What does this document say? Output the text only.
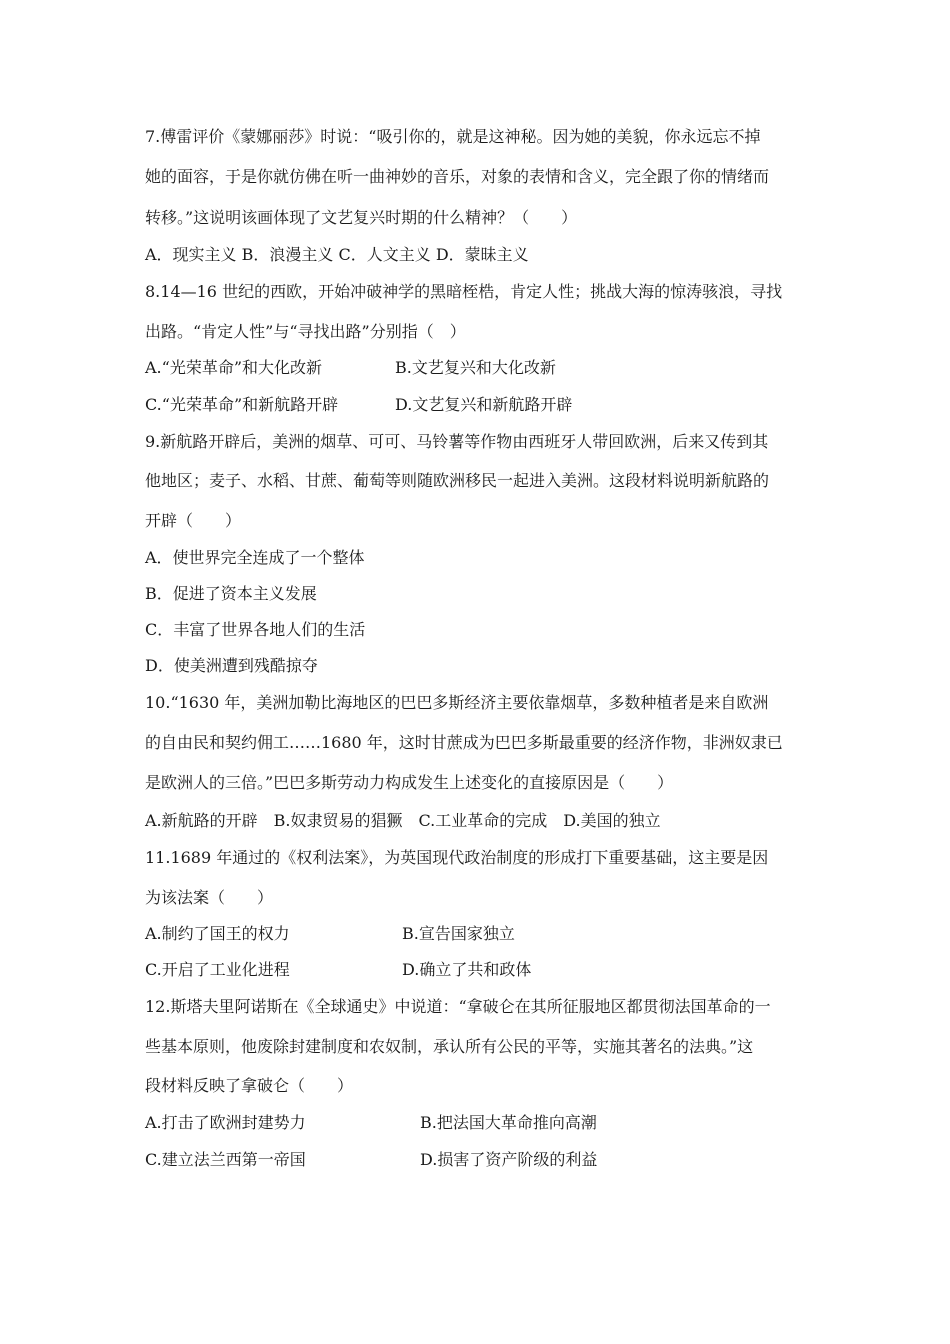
7.傅雷评价《蒙娜丽莎》时说：“吸引你的，就是这神秘。因为她的美貌，你永远忘不掉
她的面容，于是你就仿佛在听一曲神妙的音乐，对象的表情和含义，完全跟了你的情绪而
转移。”这说明该画体现了文艺复兴时期的什么精神？（　　）
A．现实主义 B．浪漫主义 C．人文主义 D．蒙昧主义
8.14—16 世纪的西欧，开始冲破神学的黑暗桎梏，肯定人性；挑战大海的惊涛骇浪，寻找
出路。“肯定人性”与“寻找出路”分别指（　）
A.“光荣革命”和大化改新	B.文艺复兴和大化改新
C.“光荣革命”和新航路开辟	D.文艺复兴和新航路开辟
9.新航路开辟后，美洲的烟草、可可、马铃薯等作物由西班牙人带回欧洲，后来又传到其
他地区；麦子、水稻、甘蔗、葡萄等则随欧洲移民一起进入美洲。这段材料说明新航路的
开辟（　　）
A．使世界完全连成了一个整体
B．促进了资本主义发展
C．丰富了世界各地人们的生活
D．使美洲遭到残酷掠夺
10.“1630 年，美洲加勒比海地区的巴巴多斯经济主要依靠烟草，多数种植者是来自欧洲
的自由民和契约佣工……1680 年，这时甘蔗成为巴巴多斯最重要的经济作物，非洲奴隶已
是欧洲人的三倍。”巴巴多斯劳动力构成发生上述变化的直接原因是（　　）
A.新航路的开辟　B.奴隶贸易的猖獗　C.工业革命的完成　D.美国的独立
11.1689 年通过的《权利法案》，为英国现代政治制度的形成打下重要基础，这主要是因
为该法案（　　）
A.制约了国王的权力	B.宣告国家独立
C.开启了工业化进程	D.确立了共和政体
12.斯塔夫里阿诺斯在《全球通史》中说道：“拿破仑在其所征服地区都贯彻法国革命的一
些基本原则，他废除封建制度和农奴制，承认所有公民的平等，实施其著名的法典。”这
段材料反映了拿破仑（　　）
A.打击了欧洲封建势力	B.把法国大革命推向高潮
C.建立法兰西第一帝国	D.损害了资产阶级的利益
